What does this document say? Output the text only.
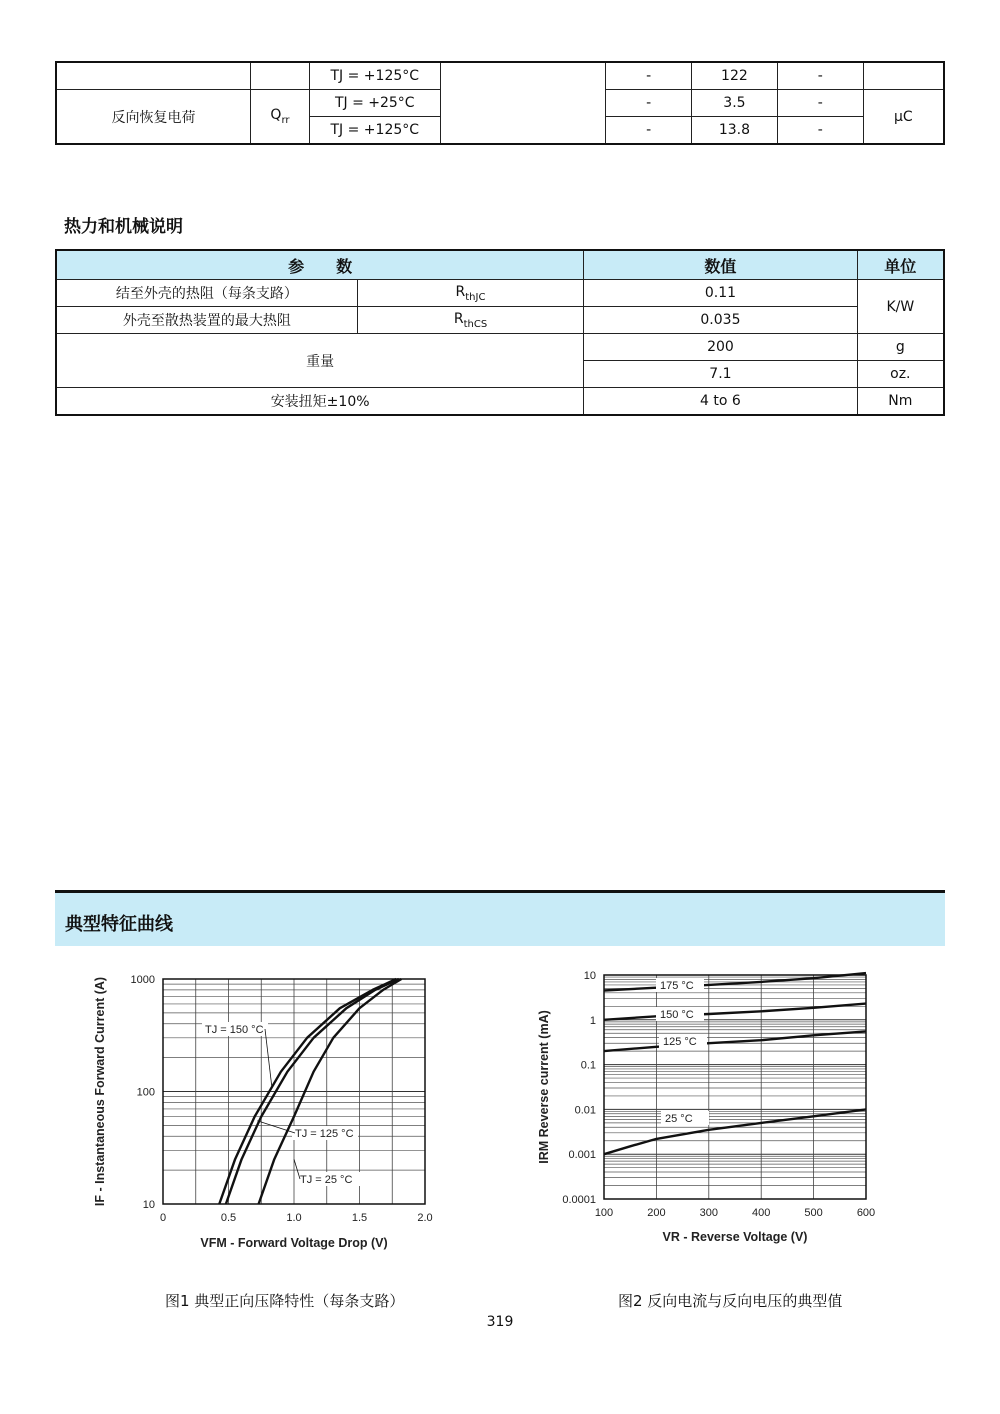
		TJ = +125°C		-	122	-	
反向恢复电荷	$Q_{rr}$	TJ = +25°C		-	3.5	-	µC
		TJ = +125°C		-	13.8	-	
热力和机械说明
参　　数		数值	单位
结至外壳的热阻（每条支路）	$R_{thJC}$	0.11	K/W
外壳至散热装置的最大热阻	$R_{thCS}$	0.035	
重量		200	g
		7.1	oz.
安装扭矩±10%		4 to 6	Nm
典型特征曲线
0	0.5	1.0	1.5	2.0
10
100
1000
VFM - Forward Voltage Drop (V)
IF - Instantaneous Forward Current (A)	TJ = 150 °C
TJ = 125 °C
TJ = 25 °C
100	200	300	400	500	600
0.0001
0.001
0.01
0.1
1
10
VR - Reverse Voltage (V)
IRM Reverse current (mA)
175 °C
150 °C
125 °C
25 °C
图1 典型正向压降特性（每条支路）	图2 反向电流与反向电压的典型值
319
